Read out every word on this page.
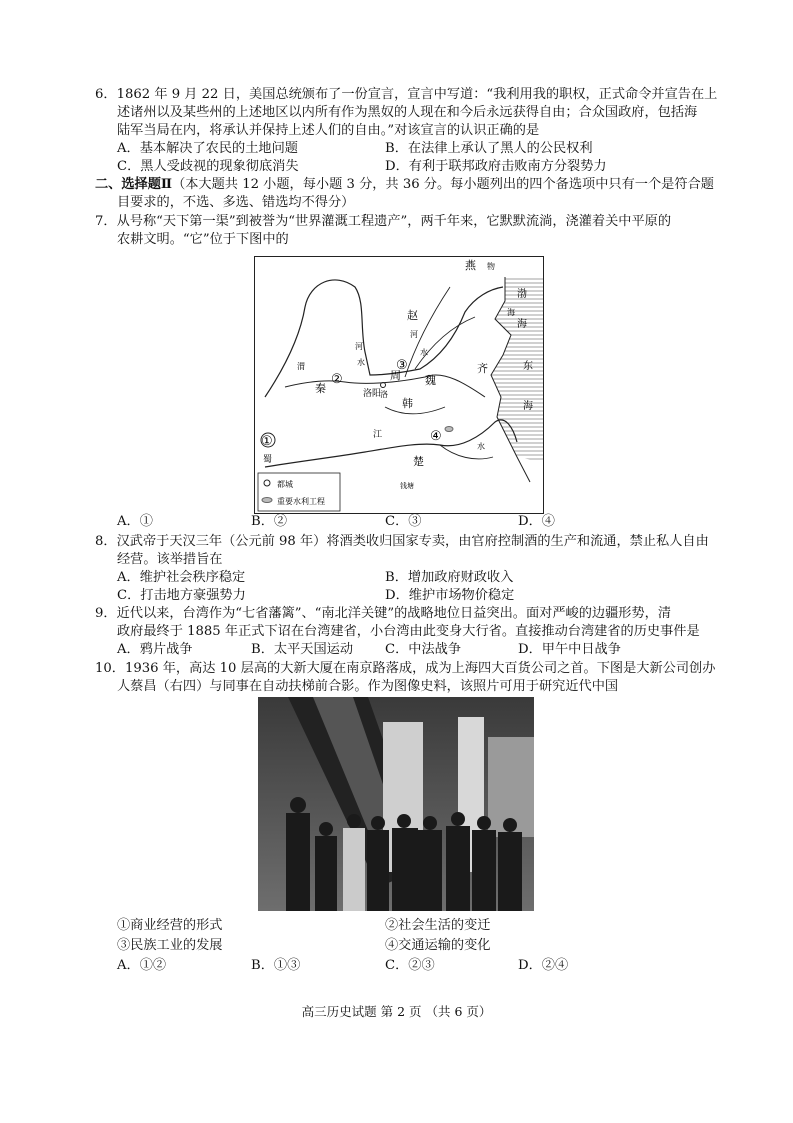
6．1862 年 9 月 22 日，美国总统颁布了一份宣言，宣言中写道：“我利用我的职权，正式命令并宣告在上
述诸州以及某些州的上述地区以内所有作为黑奴的人现在和今后永远获得自由；合众国政府，包括海
陆军当局在内，将承认并保持上述人们的自由。”对该宣言的认识正确的是
A．基本解决了农民的土地问题	B．在法律上承认了黑人的公民权利
C．黑人受歧视的现象彻底消失	D．有利于联邦政府击败南方分裂势力
二、选择题Ⅱ（本大题共 12 小题，每小题 3 分，共 36 分。每小题列出的四个备选项中只有一个是符合题
目要求的，不选、多选、错选均不得分）
7．从号称“天下第一渠”到被誉为“世界灌溉工程遗产”，两千年来，它默默流淌，浇灌着关中平原的
农耕文明。“它”位于下图中的
都城
重要水利工程
燕
赵
齐
魏
周
秦
韩
楚
蜀
河
水
河
水
江
水
渭
洛
渤
海
东
海
物
海
钱塘
洛阳
①
②
③
④
A．①	B．②	C．③	D．④
8．汉武帝于天汉三年（公元前 98 年）将酒类收归国家专卖，由官府控制酒的生产和流通，禁止私人自由
经营。该举措旨在
A．维护社会秩序稳定	B．增加政府财政收入
C．打击地方豪强势力	D．维护市场物价稳定
9．近代以来，台湾作为“七省藩篱”、“南北洋关键”的战略地位日益突出。面对严峻的边疆形势，清
政府最终于 1885 年正式下诏在台湾建省，小台湾由此变身大行省。直接推动台湾建省的历史事件是
A．鸦片战争	B．太平天国运动 C．中法战争	D．甲午中日战争
10．1936 年，高达 10 层高的大新大厦在南京路落成，成为上海四大百货公司之首。下图是大新公司创办
人蔡昌（右四）与同事在自动扶梯前合影。作为图像史料，该照片可用于研究近代中国
①商业经营的形式	②社会生活的变迁
③民族工业的发展	④交通运输的变化
A．①②	B．①③	C．②③	D．②④
高三历史试题 第 2 页 （共 6 页）
